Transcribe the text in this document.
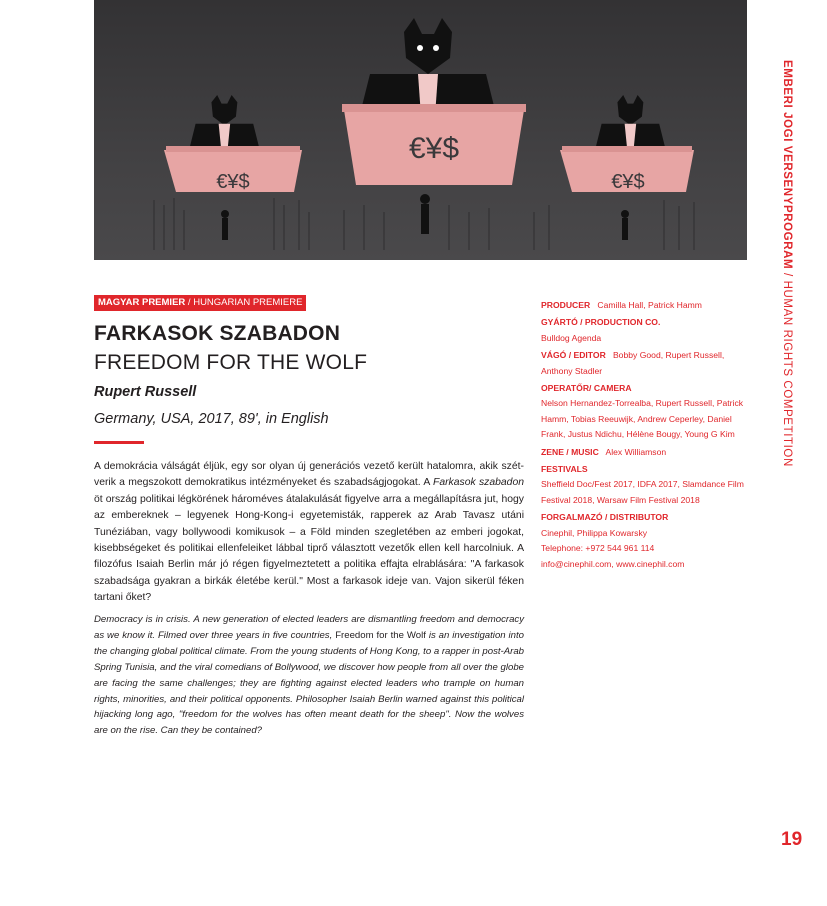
€¥$
€¥$
€¥$
MAGYAR PREMIER / HUNGARIAN PREMIERE
FARKASOK SZABADON
FREEDOM FOR THE WOLF
Rupert Russell
Germany, USA, 2017, 89', in English

A demokrácia válságát éljük, egy sor olyan új generációs vezető került hatalomra, akik szét-verik a megszokott demokratikus intézményeket és szabadságjogokat. A Farkasok szabadon öt ország politikai légkörének hároméves átalakulását figyelve arra a megállapításra jut, hogy az embereknek – legyenek Hong-Kong-i egyetemisták, rapperek az Arab Tavasz utáni Tunéziában, vagy bollywoodi komikusok – a Föld minden szegletében az emberi jogokat, kisebbségeket és politikai ellenfeleiket lábbal tiprő választott vezetők ellen kell harcolniuk. A filozófus Isaiah Berlin már jó régen figyelmeztetett a politika effajta elrablására: "A farkasok szabadsága gyakran a birkák életébe kerül." Most a farkasok ideje van. Vajon sikerül féken tartani őket?

Democracy is in crisis. A new generation of elected leaders are dismantling freedom and democracy as we know it. Filmed over three years in five countries, Freedom for the Wolf is an investigation into the changing global political climate. From the young students of Hong Kong, to a rapper in post-Arab Spring Tunisia, and the viral comedians of Bollywood, we discover how people from all over the globe are facing the same challenges; they are fighting against elected leaders who trample on human rights, minorities, and their political opponents. Philosopher Isaiah Berlin warned against this political hijacking long ago, "freedom for the wolves has often meant death for the sheep". Now the wolves are on the rise. Can they be contained?

PRODUCER Camilla Hall, Patrick Hamm
GYÁRTÓ / PRODUCTION CO.
Bulldog Agenda
VÁGÓ / EDITOR Bobby Good, Rupert Russell, Anthony Stadler
OPERATŐR/ CAMERA
Nelson Hernandez-Torrealba, Rupert Russell, Patrick Hamm, Tobias Reeuwijk, Andrew Ceperley, Daniel Frank, Justus Ndichu, Hélène Bougy, Young G Kim
ZENE / MUSIC Alex Williamson
FESTIVALS
Sheffield Doc/Fest 2017, IDFA 2017, Slamdance Film Festival 2018, Warsaw Film Festival 2018
FORGALMAZÓ / DISTRIBUTOR
Cinephil, Philippa Kowarsky
Telephone: +972 544 961 114
info@cinephil.com, www.cinephil.com
EMBERI JOGI VERSENYPROGRAM / HUMAN RIGHTS COMPETITION
19
